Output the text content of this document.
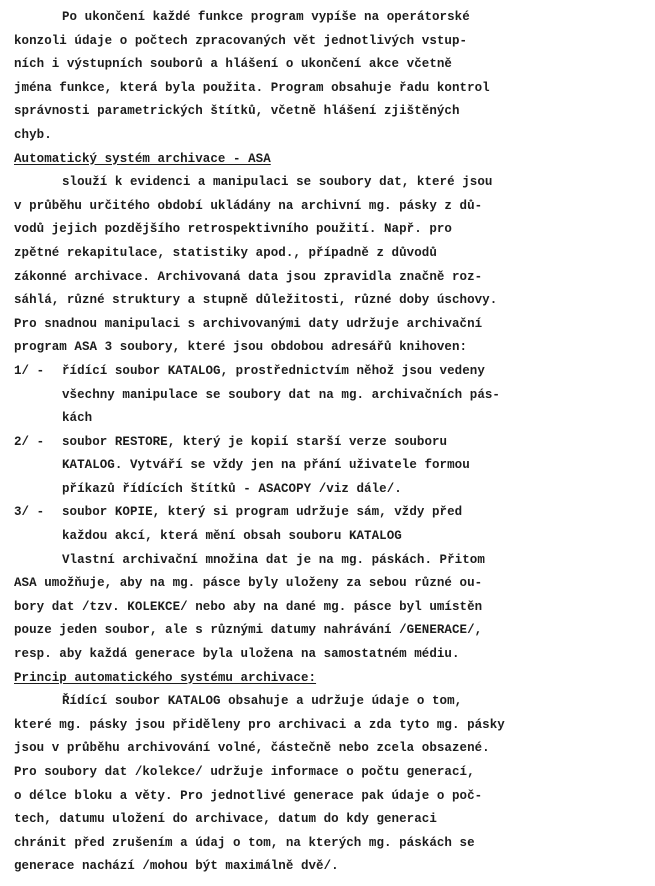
Po ukončení každé funkce program vypíše na operátorské
konzoli údaje o počtech zpracovaných vět jednotlivých vstup-
ních i výstupních souborů a hlášení o ukončení akce včetně
jména funkce, která byla použita. Program obsahuje řadu kontrol
správnosti parametrických štítků, včetně hlášení zjištěných
chyb.
Automatický systém archivace - ASA
slouží k evidenci a manipulaci se soubory dat, které jsou
v průběhu určitého období ukládány na archivní mg. pásky z dů-
vodů jejich pozdějšího retrospektivního použití. Např. pro
zpětné rekapitulace, statistiky apod., případně z důvodů
zákonné archivace. Archivovaná data jsou zpravidla značně roz-
sáhlá, různé struktury a stupně důležitosti, různé doby úschovy.
Pro snadnou manipulaci s archivovanými daty udržuje archivační
program ASA 3 soubory, které jsou obdobou adresářů knihoven:
1/ -	řídící soubor KATALOG, prostřednictvím něhož jsou vedeny
všechny manipulace se soubory dat na mg. archivačních pás-
kách
2/ -	soubor RESTORE, který je kopií starší verze souboru
KATALOG. Vytváří se vždy jen na přání uživatele formou
příkazů řídících štítků - ASACOPY /viz dále/.
3/ -	soubor KOPIE, který si program udržuje sám, vždy před
každou akcí, která mění obsah souboru KATALOG
Vlastní archivační množina dat je na mg. páskách. Přitom
ASA umožňuje, aby na mg. pásce byly uloženy za sebou různé ou-
bory dat /tzv. KOLEKCE/ nebo aby na dané mg. pásce byl umístěn
pouze jeden soubor, ale s různými datumy nahrávání /GENERACE/,
resp. aby každá generace byla uložena na samostatném médiu.
Princip automatického systému archivace:
Řídící soubor KATALOG obsahuje a udržuje údaje o tom,
které mg. pásky jsou přiděleny pro archivaci a zda tyto mg. pásky
jsou v průběhu archivování volné, částečně nebo zcela obsazené.
Pro soubory dat /kolekce/ udržuje informace o počtu generací,
o délce bloku a věty. Pro jednotlivé generace pak údaje o poč-
tech, datumu uložení do archivace, datum do kdy generaci
chránit před zrušením a údaj o tom, na kterých mg. páskách se
generace nachází /mohou být maximálně dvě/.
